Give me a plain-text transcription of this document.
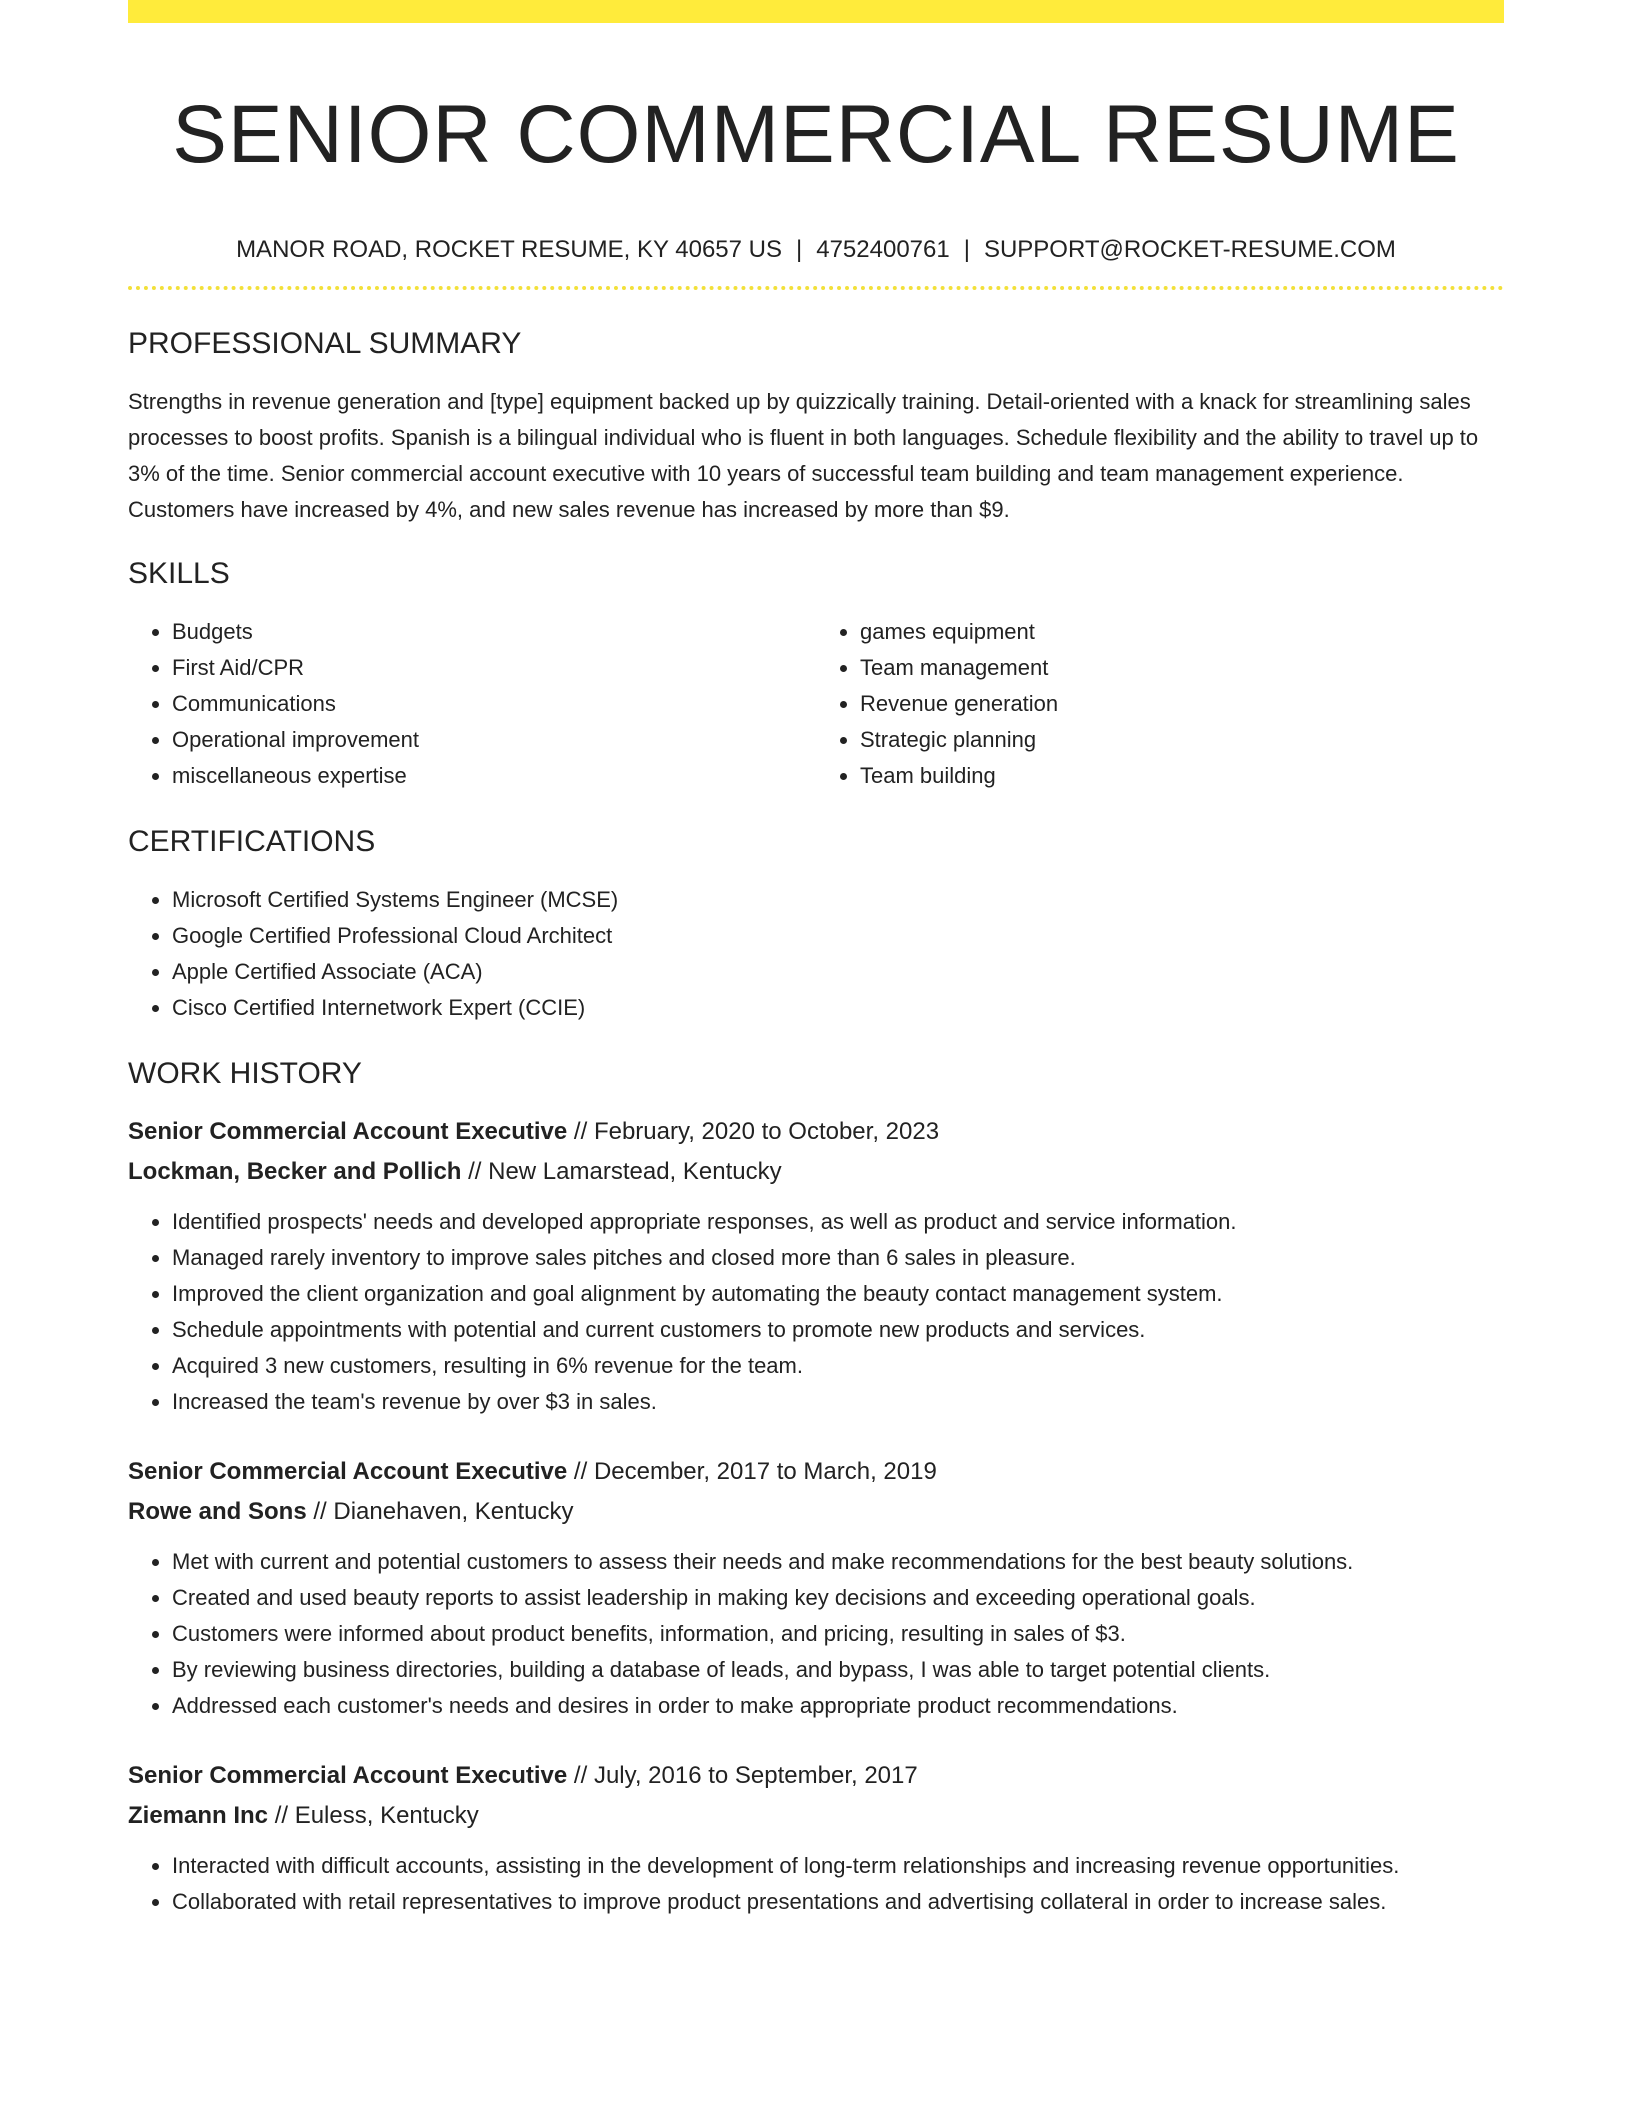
SENIOR COMMERCIAL RESUME
MANOR ROAD, ROCKET RESUME, KY 40657 US | 4752400761 | SUPPORT@ROCKET-RESUME.COM
PROFESSIONAL SUMMARY

Strengths in revenue generation and [type] equipment backed up by quizzically training. Detail-oriented with a knack for streamlining sales processes to boost profits. Spanish is a bilingual individual who is fluent in both languages. Schedule flexibility and the ability to travel up to 3% of the time. Senior commercial account executive with 10 years of successful team building and team management experience. Customers have increased by 4%, and new sales revenue has increased by more than $9.

SKILLS
• Budgets
• First Aid/CPR
• Communications
• Operational improvement
• miscellaneous expertise
• games equipment
• Team management
• Revenue generation
• Strategic planning
• Team building
CERTIFICATIONS
• Microsoft Certified Systems Engineer (MCSE)
• Google Certified Professional Cloud Architect
• Apple Certified Associate (ACA)
• Cisco Certified Internetwork Expert (CCIE)
WORK HISTORY
Senior Commercial Account Executive // February, 2020 to October, 2023
Lockman, Becker and Pollich // New Lamarstead, Kentucky
• Identified prospects' needs and developed appropriate responses, as well as product and service information.
• Managed rarely inventory to improve sales pitches and closed more than 6 sales in pleasure.
• Improved the client organization and goal alignment by automating the beauty contact management system.
• Schedule appointments with potential and current customers to promote new products and services.
• Acquired 3 new customers, resulting in 6% revenue for the team.
• Increased the team's revenue by over $3 in sales.
Senior Commercial Account Executive // December, 2017 to March, 2019
Rowe and Sons // Dianehaven, Kentucky
• Met with current and potential customers to assess their needs and make recommendations for the best beauty solutions.
• Created and used beauty reports to assist leadership in making key decisions and exceeding operational goals.
• Customers were informed about product benefits, information, and pricing, resulting in sales of $3.
• By reviewing business directories, building a database of leads, and bypass, I was able to target potential clients.
• Addressed each customer's needs and desires in order to make appropriate product recommendations.
Senior Commercial Account Executive // July, 2016 to September, 2017
Ziemann Inc // Euless, Kentucky
• Interacted with difficult accounts, assisting in the development of long-term relationships and increasing revenue opportunities.
• Collaborated with retail representatives to improve product presentations and advertising collateral in order to increase sales.
